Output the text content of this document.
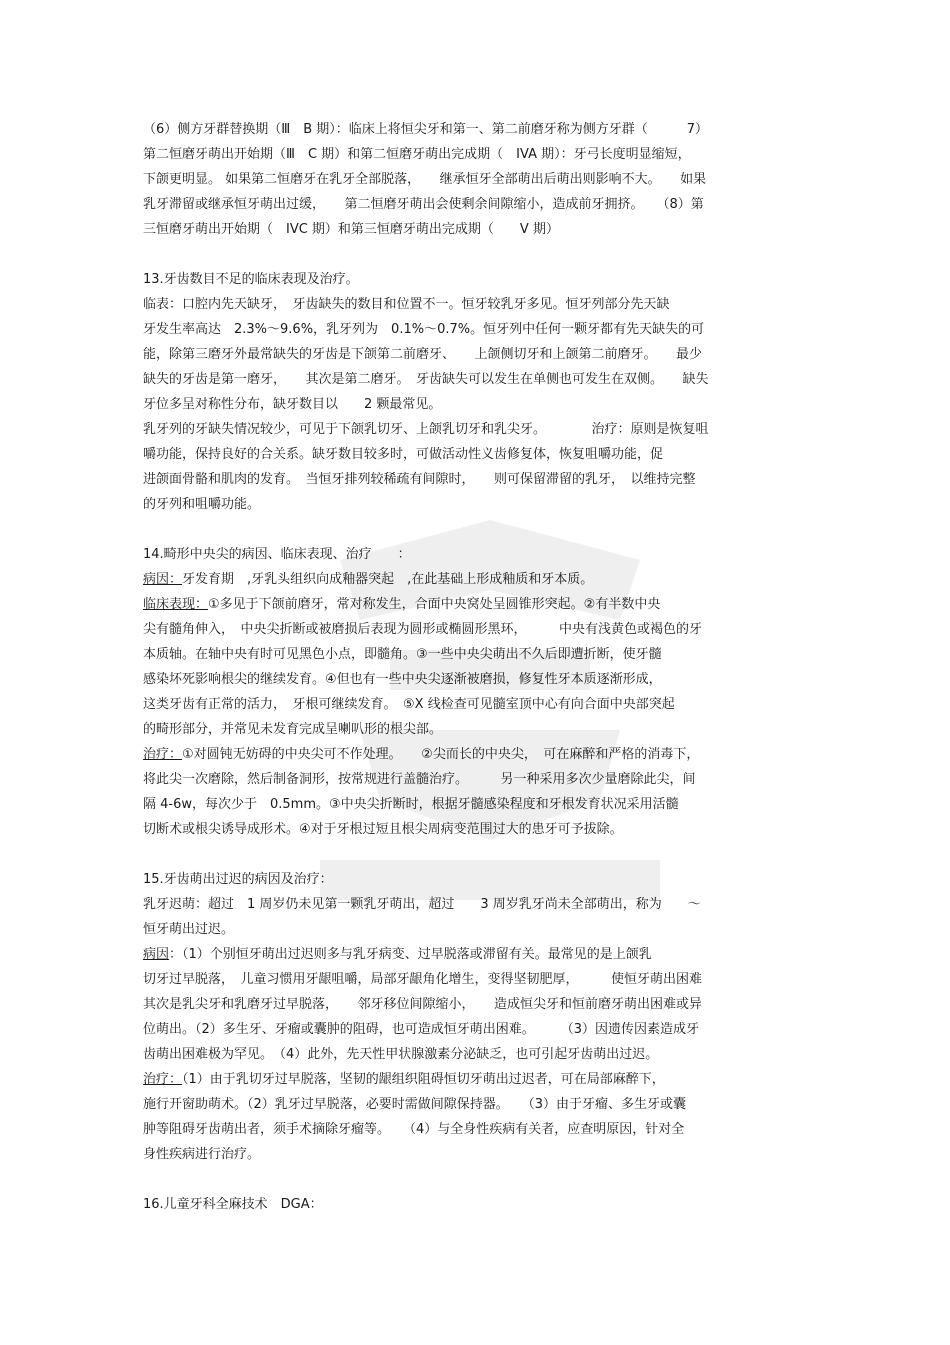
（6）侧方牙群替换期（Ⅲ　B 期）：临床上将恒尖牙和第一、第二前磨牙称为侧方牙群（　　　7）
第二恒磨牙萌出开始期（Ⅲ　C 期）和第二恒磨牙萌出完成期（　IVA 期）：牙弓长度明显缩短，
下颌更明显。 如果第二恒磨牙在乳牙全部脱落，　　继承恒牙全部萌出后萌出则影响不大。　　如果
乳牙滞留或继承恒牙萌出过缓，　　第二恒磨牙萌出会使剩余间隙缩小，造成前牙拥挤。　　（8）第
三恒磨牙萌出开始期（　IVC 期）和第三恒磨牙萌出完成期（　　V 期）
13.牙齿数目不足的临床表现及治疗。
临表：口腔内先天缺牙，　牙齿缺失的数目和位置不一。恒牙较乳牙多见。恒牙列部分先天缺
牙发生率高达　2.3%～9.6%，乳牙列为　0.1%～0.7%。恒牙列中任何一颗牙都有先天缺失的可
能，除第三磨牙外最常缺失的牙齿是下颌第二前磨牙、　　上颌侧切牙和上颌第二前磨牙。　　最少
缺失的牙齿是第一磨牙，　　其次是第二磨牙。　牙齿缺失可以发生在单侧也可发生在双侧。　　缺失
牙位多呈对称性分布，缺牙数目以　　2 颗最常见。
乳牙列的牙缺失情况较少，可见于下颌乳切牙、上颌乳切牙和乳尖牙。　　　　治疗：原则是恢复咀
嚼功能，保持良好的合关系。缺牙数目较多时，可做活动性义齿修复体，恢复咀嚼功能，促
进颌面骨骼和肌肉的发育。　当恒牙排列较稀疏有间隙时，　　则可保留滞留的乳牙，　以维持完整
的牙列和咀嚼功能。
14.畸形中央尖的病因、临床表现、治疗　　：
病因：牙发育期　,牙乳头组织向成釉器突起　,在此基础上形成釉质和牙本质。
临床表现：①多见于下颌前磨牙，常对称发生，合面中央窝处呈圆锥形突起。②有半数中央
尖有髓角伸入，　中央尖折断或被磨损后表现为圆形或椭圆形黑环，　　　中央有浅黄色或褐色的牙
本质轴。在轴中央有时可见黑色小点，即髓角。③一些中央尖萌出不久后即遭折断，使牙髓
感染坏死影响根尖的继续发育。④但也有一些中央尖逐渐被磨损，修复性牙本质逐渐形成，
这类牙齿有正常的活力，　牙根可继续发育。　⑤X 线检查可见髓室顶中心有向合面中央部突起
的畸形部分，并常见未发育完成呈喇叭形的根尖部。
治疗：①对圆钝无妨碍的中央尖可不作处理。　　②尖而长的中央尖，　可在麻醉和严格的消毒下，
将此尖一次磨除，然后制备洞形，按常规进行盖髓治疗。　　　另一种采用多次少量磨除此尖，间
隔 4-6w，每次少于　0.5mm。③中央尖折断时，根据牙髓感染程度和牙根发育状况采用活髓
切断术或根尖诱导成形术。④对于牙根过短且根尖周病变范围过大的患牙可予拔除。
15.牙齿萌出过迟的病因及治疗：
乳牙迟萌：超过　1 周岁仍未见第一颗乳牙萌出，超过　　3 周岁乳牙尚未全部萌出，称为　　～
恒牙萌出过迟。
病因：（1）个别恒牙萌出过迟则多与乳牙病变、过早脱落或滞留有关。最常见的是上颌乳
切牙过早脱落，　儿童习惯用牙龈咀嚼，局部牙龈角化增生，变得坚韧肥厚，　　　使恒牙萌出困难
其次是乳尖牙和乳磨牙过早脱落，　　邻牙移位间隙缩小，　　造成恒尖牙和恒前磨牙萌出困难或异
位萌出。（2）多生牙、牙瘤或囊肿的阻碍，也可造成恒牙萌出困难。　　　（3）因遗传因素造成牙
齿萌出困难极为罕见。　（4）此外，先天性甲状腺激素分泌缺乏，也可引起牙齿萌出过迟。
治疗：（1）由于乳切牙过早脱落，坚韧的龈组织阻碍恒切牙萌出过迟者，可在局部麻醉下，
施行开窗助萌术。（2）乳牙过早脱落，必要时需做间隙保持器。　　（3）由于牙瘤、多生牙或囊
肿等阻碍牙齿萌出者，须手术摘除牙瘤等。　　（4）与全身性疾病有关者，应查明原因，针对全
身性疾病进行治疗。
16.儿童牙科全麻技术　DGA：
